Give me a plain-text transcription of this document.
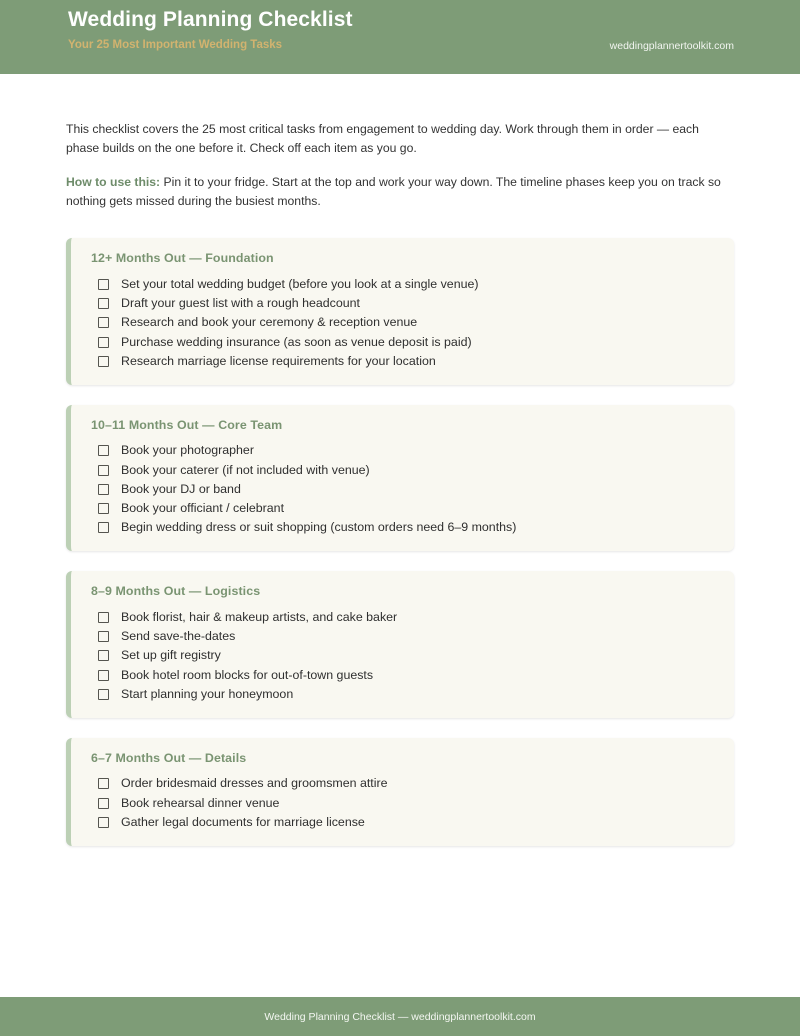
Wedding Planning Checklist
Your 25 Most Important Wedding Tasks	weddingplannertoolkit.com

This checklist covers the 25 most critical tasks from engagement to wedding day. Work through them in order — each phase builds on the one before it. Check off each item as you go.

How to use this: Pin it to your fridge. Start at the top and work your way down. The timeline phases keep you on track so nothing gets missed during the busiest months.

12+ Months Out — Foundation
Set your total wedding budget (before you look at a single venue)
Draft your guest list with a rough headcount
Research and book your ceremony & reception venue
Purchase wedding insurance (as soon as venue deposit is paid)
Research marriage license requirements for your location
10–11 Months Out — Core Team
Book your photographer
Book your caterer (if not included with venue)
Book your DJ or band
Book your officiant / celebrant
Begin wedding dress or suit shopping (custom orders need 6–9 months)
8–9 Months Out — Logistics
Book florist, hair & makeup artists, and cake baker
Send save-the-dates
Set up gift registry
Book hotel room blocks for out-of-town guests
Start planning your honeymoon
6–7 Months Out — Details
Order bridesmaid dresses and groomsmen attire
Book rehearsal dinner venue
Gather legal documents for marriage license
Wedding Planning Checklist — weddingplannertoolkit.com
